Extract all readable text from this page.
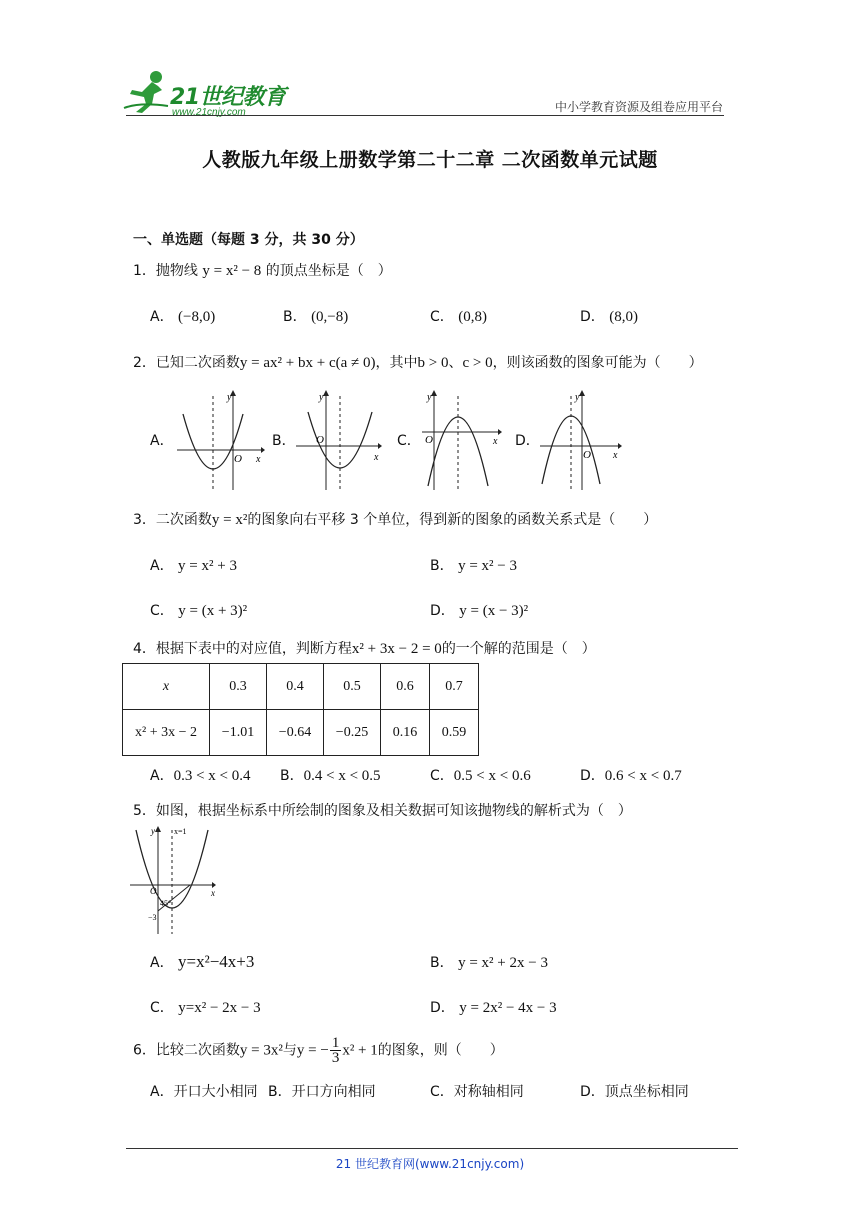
21世纪教育
www.21cnjy.com	中小学教育资源及组卷应用平台
人教版九年级上册数学第二十二章 二次函数单元试题
一、单选题（每题 3 分，共 30 分）
1．抛物线 y = x² − 8 的顶点坐标是（　）
A． (−8,0)	B． (0,−8)	C． (0,8)	D． (8,0)
2．已知二次函数y = ax² + bx + c(a ≠ 0)，其中b > 0、c > 0，则该函数的图象可能为（　　）
A．
y
x
O
B．
y
x
O	C．
y
x
O	D．
y
x
O
3．二次函数y = x²的图象向右平移 3 个单位，得到新的图象的函数关系式是（　　）
A． y = x² + 3	B． y = x² − 3
C． y = (x + 3)²	D． y = (x − 3)²
4．根据下表中的对应值，判断方程x² + 3x − 2 = 0的一个解的范围是（　）
x	0.3	0.4	0.5	0.6	0.7
x² + 3x − 2	−1.01	−0.64	−0.25	0.16	0.59
A．0.3 < x < 0.4 B．0.4 < x < 0.5	C．0.5 < x < 0.6	D．0.6 < x < 0.7
5．如图，根据坐标系中所绘制的图象及相关数据可知该抛物线的解析式为（　）
y x=1
x
O
45°
−3
A． y=x²−4x+3	B． y = x² + 2x − 3
C． y=x² − 2x − 3	D． y = 2x² − 4x − 3
6．比较二次函数y = 3x²与y = − $\frac{1}{3} x^2 + 1$的图象，则（　　）
A．开口大小相同 B．开口方向相同	C．对称轴相同	D．顶点坐标相同
21 世纪教育网(www.21cnjy.com)
